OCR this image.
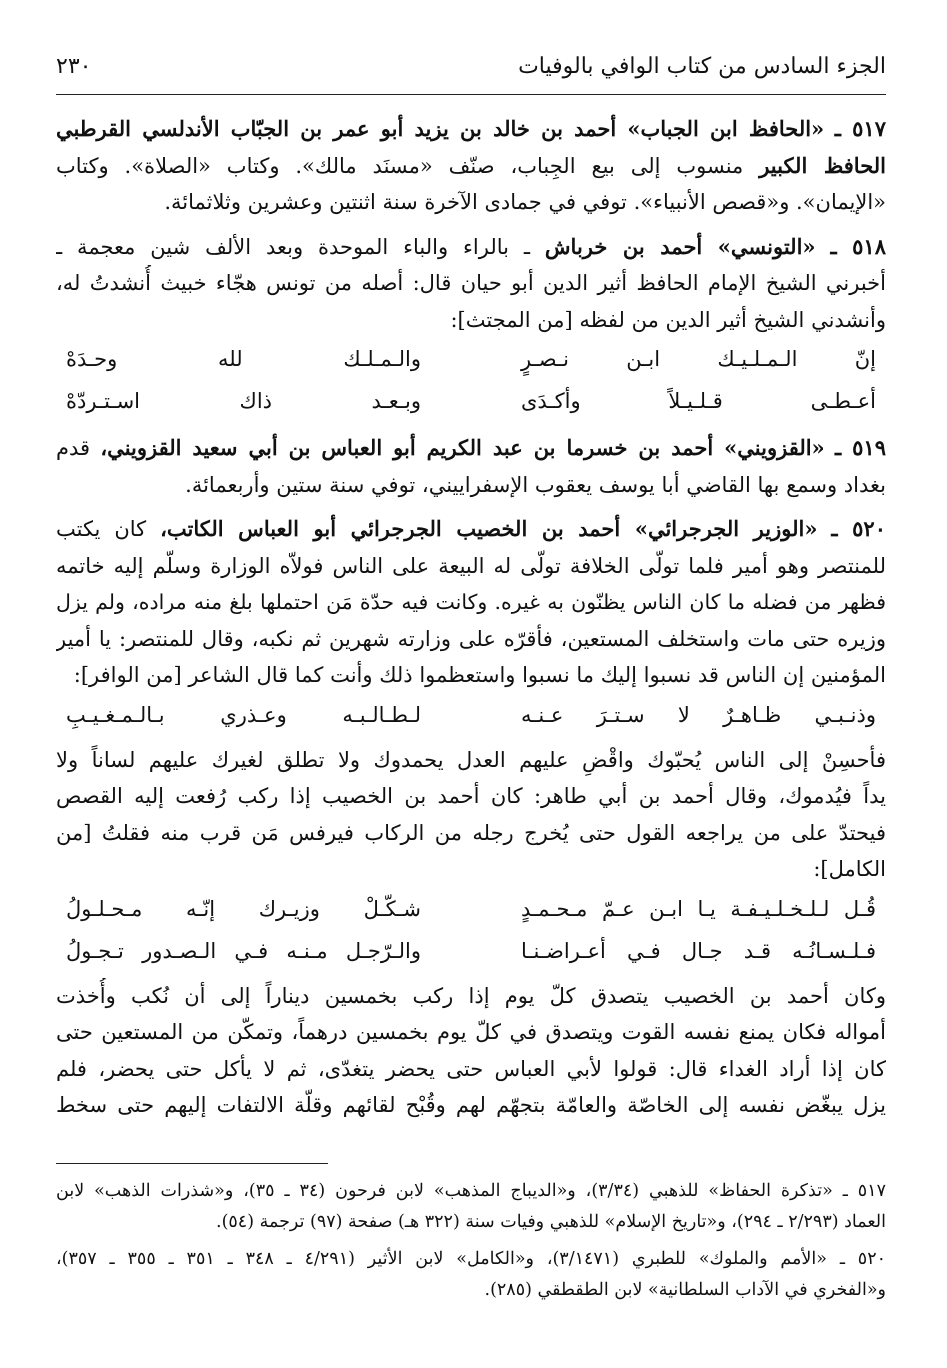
الجزء السادس من كتاب الوافي بالوفيات
٢٣٠
٥١٧ ـ «الحافظ ابن الجباب» أحمد بن خالد بن يزيد أبو عمر بن الجبّاب الأندلسي القرطبي
الحافظ الكبير منسوب إلى بيع الجِباب، صنّف «مسنَد مالك». وكتاب «الصلاة». وكتاب
«الإيمان». و«قصص الأنبياء». توفي في جمادى الآخرة سنة اثنتين وعشرين وثلاثمائة.
٥١٨ ـ «التونسي» أحمد بن خرباش ـ بالراء والباء الموحدة وبعد الألف شين معجمة ـ
أخبرني الشيخ الإمام الحافظ أثير الدين أبو حيان قال: أصله من تونس هجّاء خبيث أُنشدتُ له،
وأنشدني الشيخ أثير الدين من لفظه [من المجتث]:
إنّ الـمـلـيـك ابـن نـصـرٍ
والـمـلـك لله وحـدَهْ
أعـطـى قـلـيـلاً وأكـدَى
وبـعـد ذاك اسـتـردّهْ
٥١٩ ـ «القزويني» أحمد بن خسرما بن عبد الكريم أبو العباس بن أبي سعيد القزويني، قدم
بغداد وسمع بها القاضي أبا يوسف يعقوب الإسفراييني، توفي سنة ستين وأربعمائة.
٥٢٠ ـ «الوزير الجرجرائي» أحمد بن الخصيب الجرجرائي أبو العباس الكاتب، كان يكتب
للمنتصر وهو أمير فلما تولّى الخلافة تولّى له البيعة على الناس فولاّه الوزارة وسلّم إليه خاتمه
فظهر من فضله ما كان الناس يظنّون به غيره. وكانت فيه حدّة مَن احتملها بلغ منه مراده، ولم يزل
وزيره حتى مات واستخلف المستعين، فأقرّه على وزارته شهرين ثم نكبه، وقال للمنتصر: يا أمير
المؤمنين إن الناس قد نسبوا إليك ما نسبوا واستعظموا ذلك وأنت كما قال الشاعر [من الوافر]:
وذنـبـي ظـاهـرٌ لا سـتـرَ عـنـه
لـطـالـبـه وعـذري بـالـمـغـيـبِ
فأحسِنْ إلى الناس يُحبّوك واقْضِ عليهم العدل يحمدوك ولا تطلق لغيرك عليهم لساناً ولا
يداً فيُدموك، وقال أحمد بن أبي طاهر: كان أحمد بن الخصيب إذا ركب رُفعت إليه القصص
فيحتدّ على من يراجعه القول حتى يُخرج رجله من الركاب فيرفس مَن قرب منه فقلتُ [من
الكامل]:
قُـل لـلـخـلـيـفـة يـا ابـن عـمّ مـحـمـدٍ
شـكّـلْ وزيـرك إنّـه مـحـلـولُ
فـلـسـانُـه قـد جـال فـي أعـراضـنـا
والـرّجـل مـنـه فـي الـصـدور تـجـولُ
وكان أحمد بن الخصيب يتصدق كلّ يوم إذا ركب بخمسين ديناراً إلى أن نُكب وأُخذت
أمواله فكان يمنع نفسه القوت ويتصدق في كلّ يوم بخمسين درهماً، وتمكّن من المستعين حتى
كان إذا أراد الغداء قال: قولوا لأبي العباس حتى يحضر يتغدّى، ثم لا يأكل حتى يحضر، فلم
يزل يبغّض نفسه إلى الخاصّة والعامّة بتجهّم لهم وقُبْح لقائهم وقلّة الالتفات إليهم حتى سخط
٥١٧ ـ «تذكرة الحفاظ» للذهبي (٣/٣٤)، و«الديباج المذهب» لابن فرحون (٣٤ ـ ٣٥)، و«شذرات الذهب» لابن
العماد (٢/٢٩٣ ـ ٢٩٤)، و«تاريخ الإسلام» للذهبي وفيات سنة (٣٢٢ هـ) صفحة (٩٧) ترجمة (٥٤).
٥٢٠ ـ «الأمم والملوك» للطبري (٣/١٤٧١)، و«الكامل» لابن الأثير (٤/٢٩١ ـ ٣٤٨ ـ ٣٥١ ـ ٣٥٥ ـ ٣٥٧)،
و«الفخري في الآداب السلطانية» لابن الطقطقي (٢٨٥).
